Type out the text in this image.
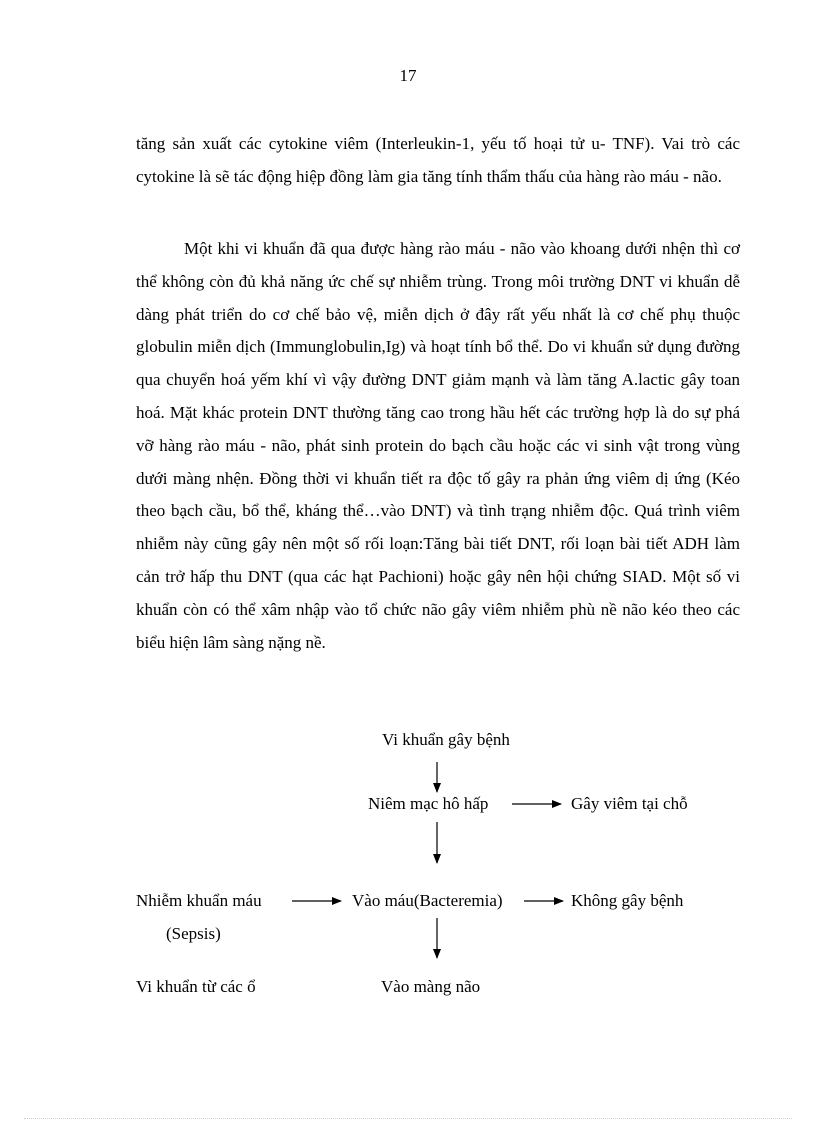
17

tăng sản xuất các cytokine viêm (Interleukin-1, yếu tố hoại tử u- TNF). Vai trò các cytokine là sẽ tác động hiệp đồng làm gia tăng tính thẩm thấu của hàng rào máu - não.

Một khi vi khuẩn đã qua được hàng rào máu - não vào khoang dưới nhện thì cơ thể không còn đủ khả năng ức chế sự nhiễm trùng. Trong môi trường DNT vi khuẩn dễ dàng phát triển do cơ chế bảo vệ, miễn dịch ở đây rất yếu nhất là cơ chế phụ thuộc globulin miễn dịch (Immunglobulin,Ig) và hoạt tính bổ thể. Do vi khuẩn sử dụng đường qua chuyển hoá yếm khí vì vậy đường DNT giảm mạnh và làm tăng A.lactic gây toan hoá. Mặt khác protein DNT thường tăng cao trong hầu hết các trường hợp là do sự phá vỡ hàng rào máu - não, phát sinh protein do bạch cầu hoặc các vi sinh vật trong vùng dưới màng nhện. Đồng thời vi khuẩn tiết ra độc tố gây ra phản ứng viêm dị ứng (Kéo theo bạch cầu, bổ thể, kháng thể…vào DNT) và tình trạng nhiễm độc. Quá trình viêm nhiễm này cũng gây nên một số rối loạn:Tăng bài tiết DNT, rối loạn bài tiết ADH làm cản trở hấp thu DNT (qua các hạt Pachioni) hoặc gây nên hội chứng SIAD. Một số vi khuẩn còn có thể xâm nhập vào tổ chức não gây viêm nhiễm phù nề não kéo theo các biểu hiện lâm sàng nặng nề.

Vi khuẩn gây bệnh
Niêm mạc hô hấp	Gây viêm tại chỗ
Nhiễm khuẩn máu
(Sepsis)
Vào máu(Bacteremia)	Không gây bệnh
Vi khuẩn từ các ổ	Vào màng não
